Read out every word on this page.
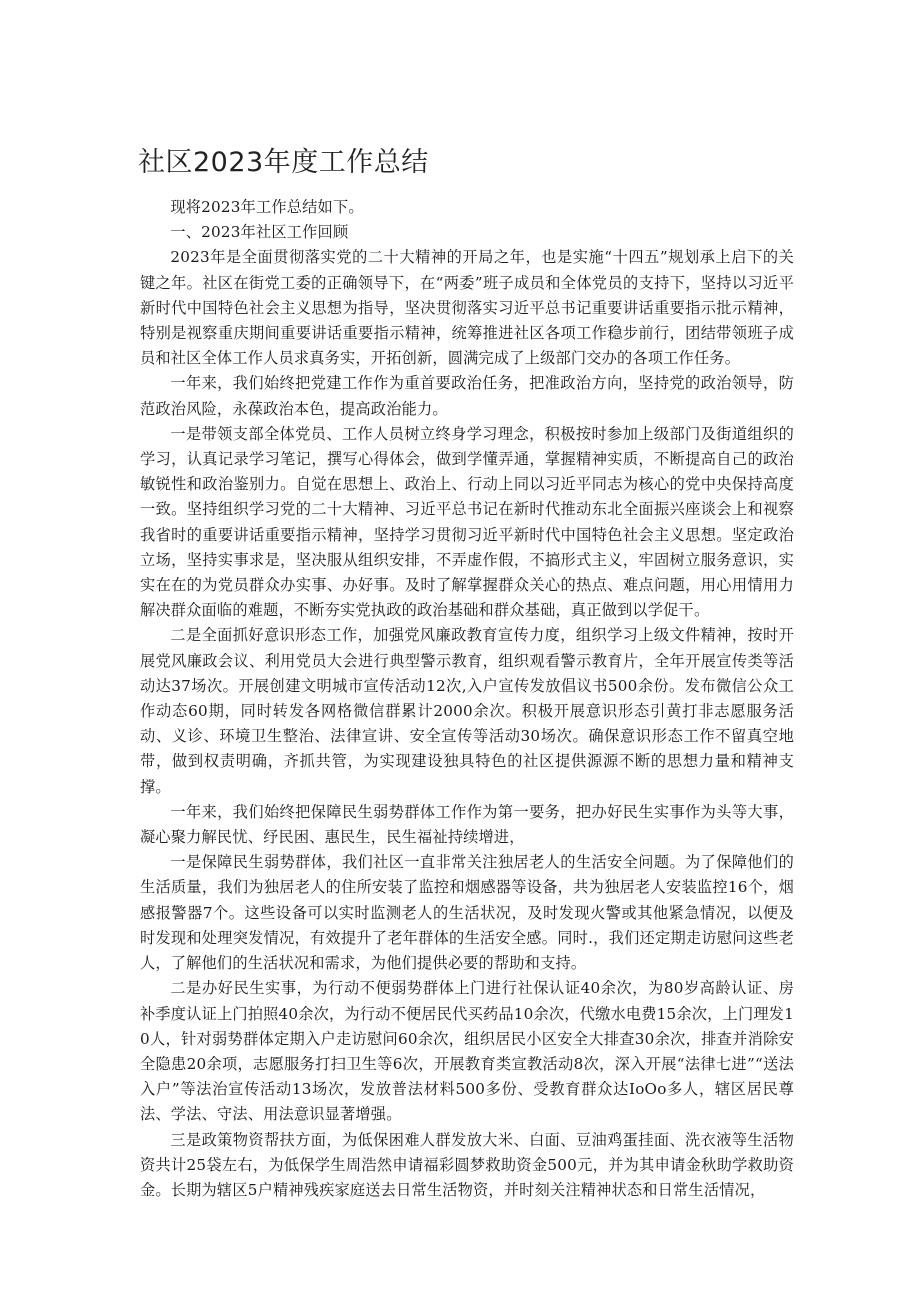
社区2023年度工作总结

现将2023年工作总结如下。

一、2023年社区工作回顾

2023年是全面贯彻落实党的二十大精神的开局之年，也是实施“十四五”规划承上启下的关键之年。社区在街党工委的正确领导下，在“两委”班子成员和全体党员的支持下，坚持以习近平新时代中国特色社会主义思想为指导，坚决贯彻落实习近平总书记重要讲话重要指示批示精神，特别是视察重庆期间重要讲话重要指示精神，统筹推进社区各项工作稳步前行，团结带领班子成员和社区全体工作人员求真务实，开拓创新，圆满完成了上级部门交办的各项工作任务。

一年来，我们始终把党建工作作为重首要政治任务，把准政治方向，坚持党的政治领导，防范政治风险，永葆政治本色，提高政治能力。

一是带领支部全体党员、工作人员树立终身学习理念，积极按时参加上级部门及街道组织的学习，认真记录学习笔记，撰写心得体会，做到学懂弄通，掌握精神实质，不断提高自己的政治敏锐性和政治鉴别力。自觉在思想上、政治上、行动上同以习近平同志为核心的党中央保持高度一致。坚持组织学习党的二十大精神、习近平总书记在新时代推动东北全面振兴座谈会上和视察我省时的重要讲话重要指示精神，坚持学习贯彻习近平新时代中国特色社会主义思想。坚定政治立场，坚持实事求是，坚决服从组织安排，不弄虚作假，不搞形式主义，牢固树立服务意识，实实在在的为党员群众办实事、办好事。及时了解掌握群众关心的热点、难点问题，用心用情用力解决群众面临的难题，不断夯实党执政的政治基础和群众基础，真正做到以学促干。

二是全面抓好意识形态工作，加强党风廉政教育宣传力度，组织学习上级文件精神，按时开展党风廉政会议、利用党员大会进行典型警示教育，组织观看警示教育片，全年开展宣传类等活动达37场次。开展创建文明城市宣传活动12次,入户宣传发放倡议书500余份。发布微信公众工作动态60期，同时转发各网格微信群累计2000余次。积极开展意识形态引黄打非志愿服务活动、义诊、环境卫生整治、法律宣讲、安全宣传等活动30场次。确保意识形态工作不留真空地带，做到权责明确，齐抓共管，为实现建设独具特色的社区提供源源不断的思想力量和精神支撑。

一年来，我们始终把保障民生弱势群体工作作为第一要务，把办好民生实事作为头等大事，凝心聚力解民忧、纾民困、惠民生，民生福祉持续增进，

一是保障民生弱势群体，我们社区一直非常关注独居老人的生活安全问题。为了保障他们的生活质量，我们为独居老人的住所安装了监控和烟感器等设备，共为独居老人安装监控16个，烟感报警器7个。这些设备可以实时监测老人的生活状况，及时发现火警或其他紧急情况，以便及时发现和处理突发情况，有效提升了老年群体的生活安全感。同时.，我们还定期走访慰问这些老人，了解他们的生活状况和需求，为他们提供必要的帮助和支持。

二是办好民生实事，为行动不便弱势群体上门进行社保认证40余次，为80岁高龄认证、房补季度认证上门拍照40余次，为行动不便居民代买药品10余次，代缴水电费15余次，上门理发10人，针对弱势群体定期入户走访慰问60余次，组织居民小区安全大排查30余次，排查并消除安全隐患20余项，志愿服务打扫卫生等6次，开展教育类宣教活动8次，深入开展“法律七进”“送法入户”等法治宣传活动13场次，发放普法材料500多份、受教育群众达IoOo多人，辖区居民尊法、学法、守法、用法意识显著增强。

三是政策物资帮扶方面，为低保困难人群发放大米、白面、豆油鸡蛋挂面、洗衣液等生活物资共计25袋左右，为低保学生周浩然申请福彩圆梦救助资金500元，并为其申请金秋助学救助资金。长期为辖区5户精神残疾家庭送去日常生活物资，并时刻关注精神状态和日常生活情况，
